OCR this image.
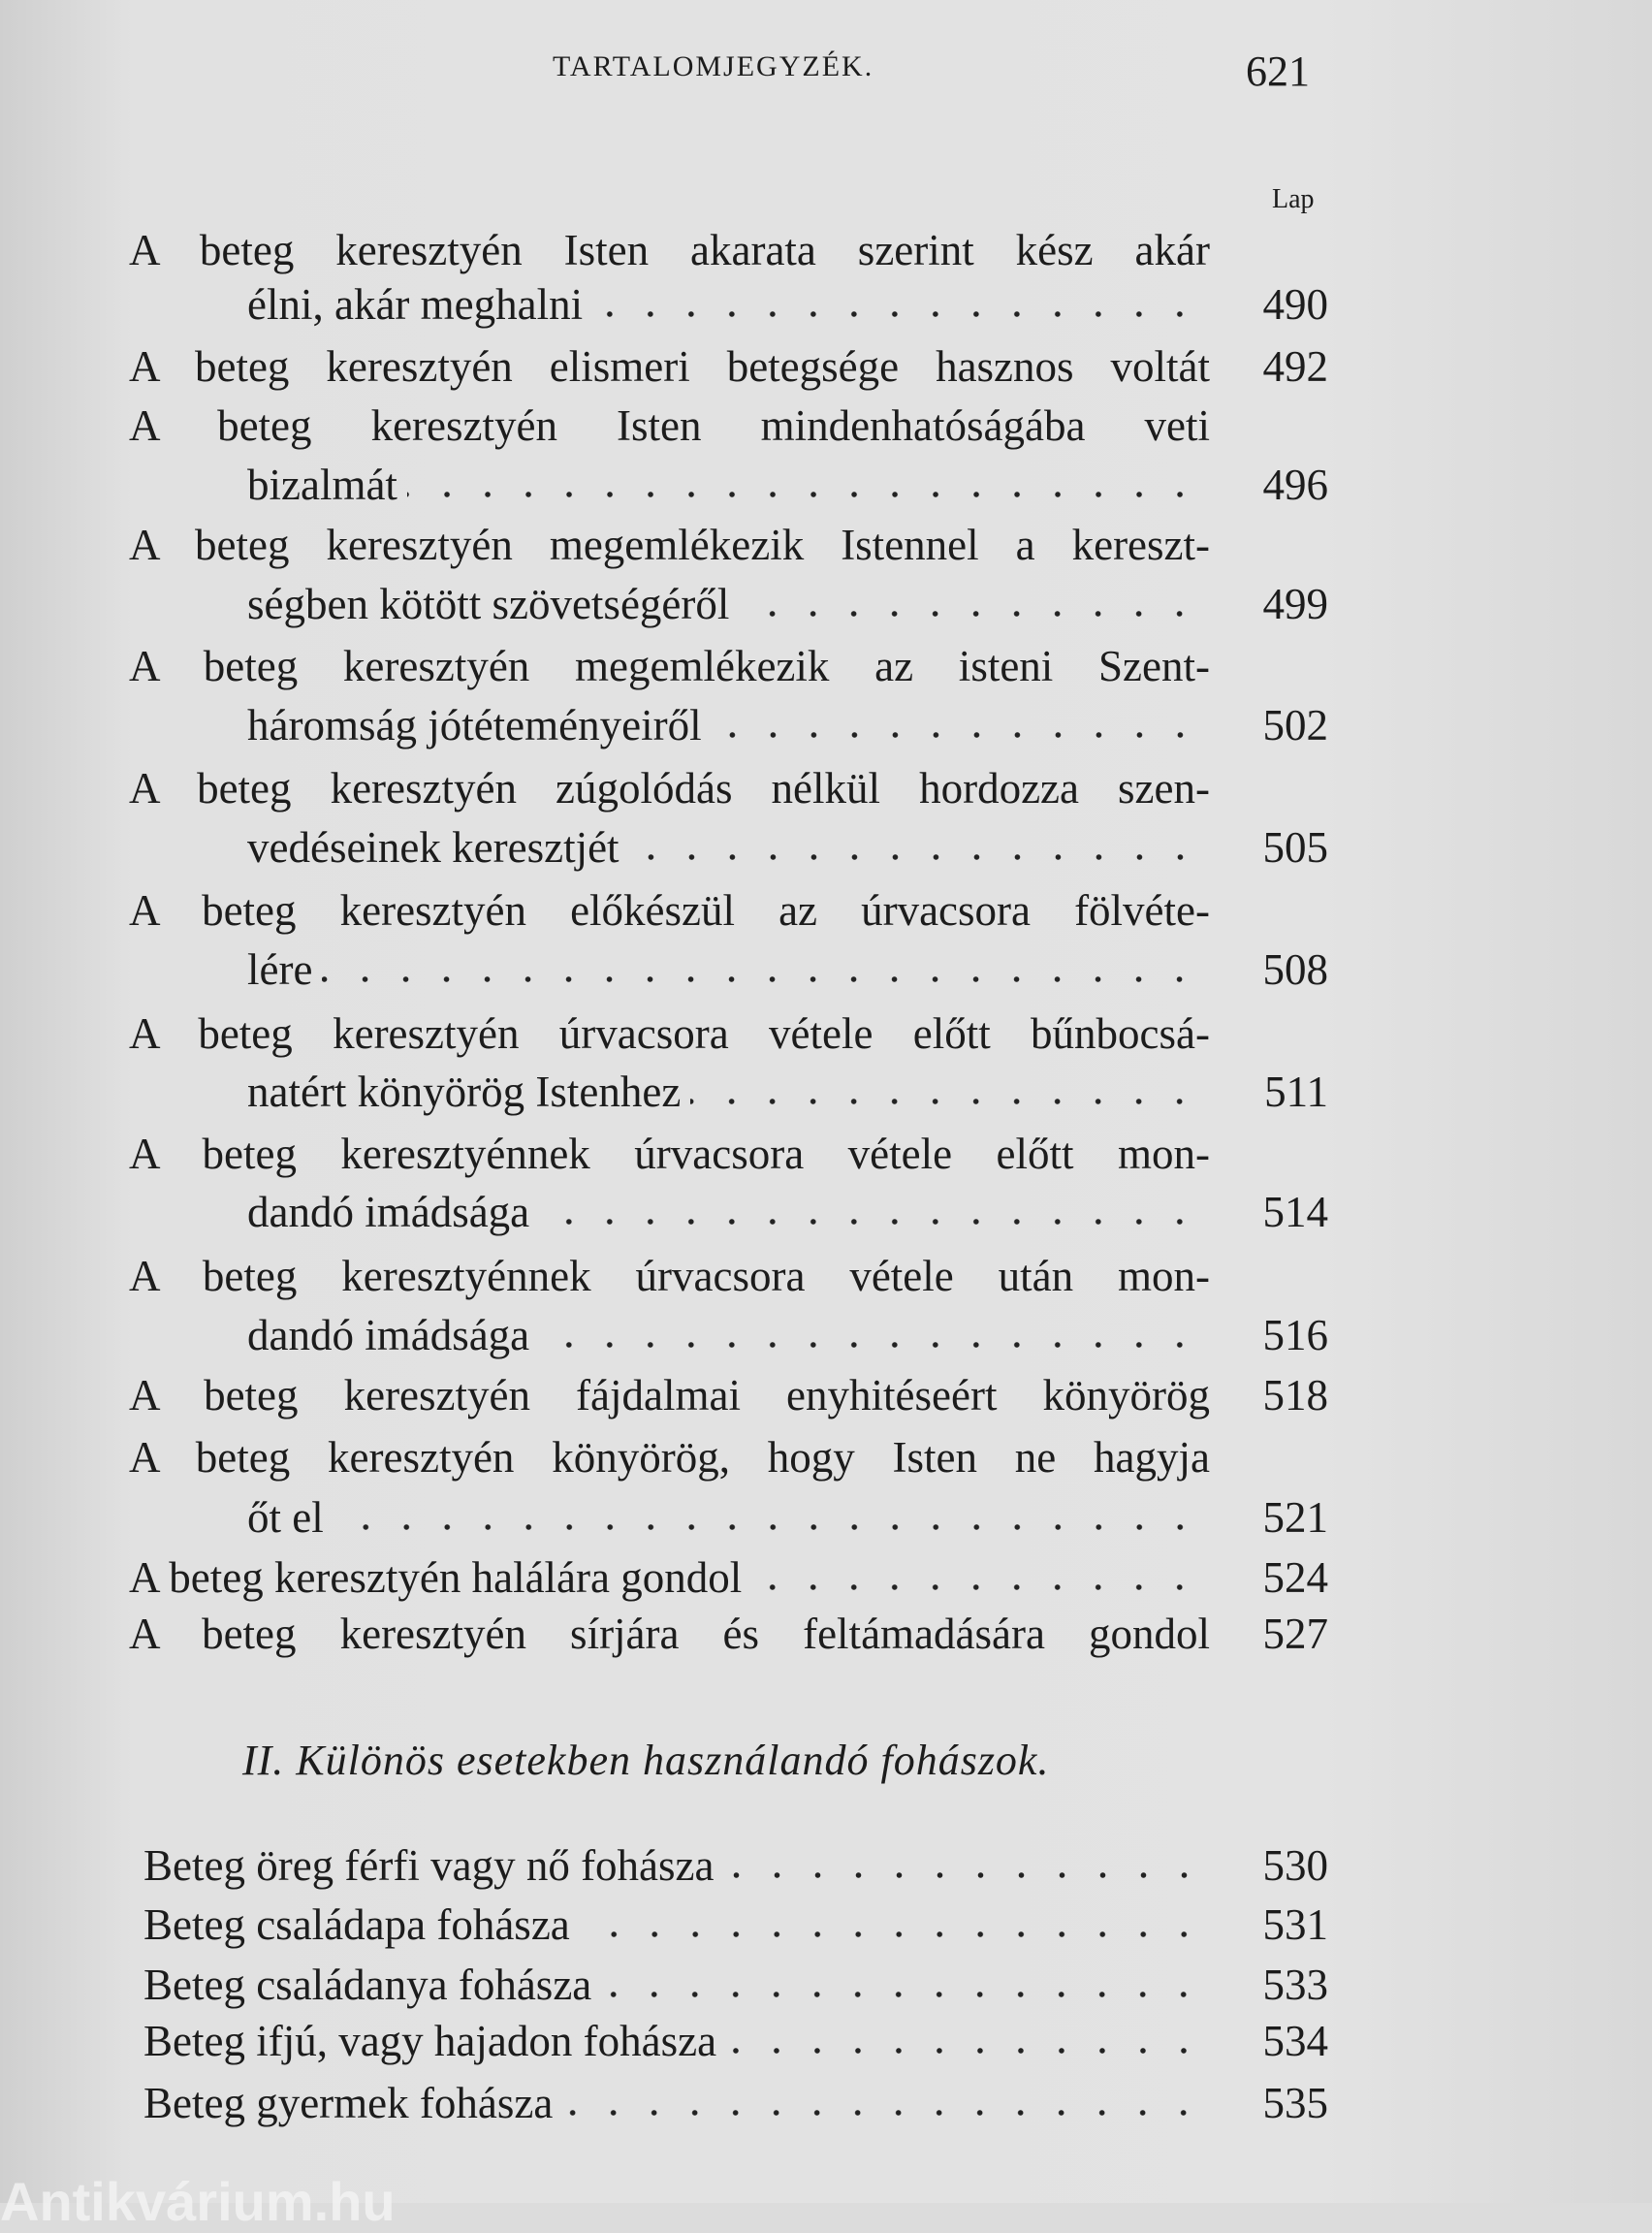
TARTALOMJEGYZÉK.	621
Lap
A beteg keresztyén Isten akarata szerint kész akár
élni, akár meghalni	490
A beteg keresztyén elismeri betegsége hasznos voltát	492
A beteg keresztyén Isten mindenhatóságába veti
bizalmát	496
A beteg keresztyén megemlékezik Istennel a kereszt-
ségben kötött szövetségéről	499
A beteg keresztyén megemlékezik az isteni Szent-
háromság jótéteményeiről	502
A beteg keresztyén zúgolódás nélkül hordozza szen-
vedéseinek keresztjét	505
A beteg keresztyén előkészül az úrvacsora fölvéte-
lére	508
A beteg keresztyén úrvacsora vétele előtt bűnbocsá-
natért könyörög Istenhez	511
A beteg keresztyénnek úrvacsora vétele előtt mon-
dandó imádsága	514
A beteg keresztyénnek úrvacsora vétele után mon-
dandó imádsága	516
A beteg keresztyén fájdalmai enyhitéseért könyörög	518
A beteg keresztyén könyörög, hogy Isten ne hagyja
őt el	521
A beteg keresztyén halálára gondol	524
A beteg keresztyén sírjára és feltámadására gondol	527
II. Különös esetekben használandó fohászok.
Beteg öreg férfi vagy nő fohásza	530
Beteg családapa fohásza	531
Beteg családanya fohásza	533
Beteg ifjú, vagy hajadon fohásza	534
Beteg gyermek fohásza	535
Antikvárium.hu
